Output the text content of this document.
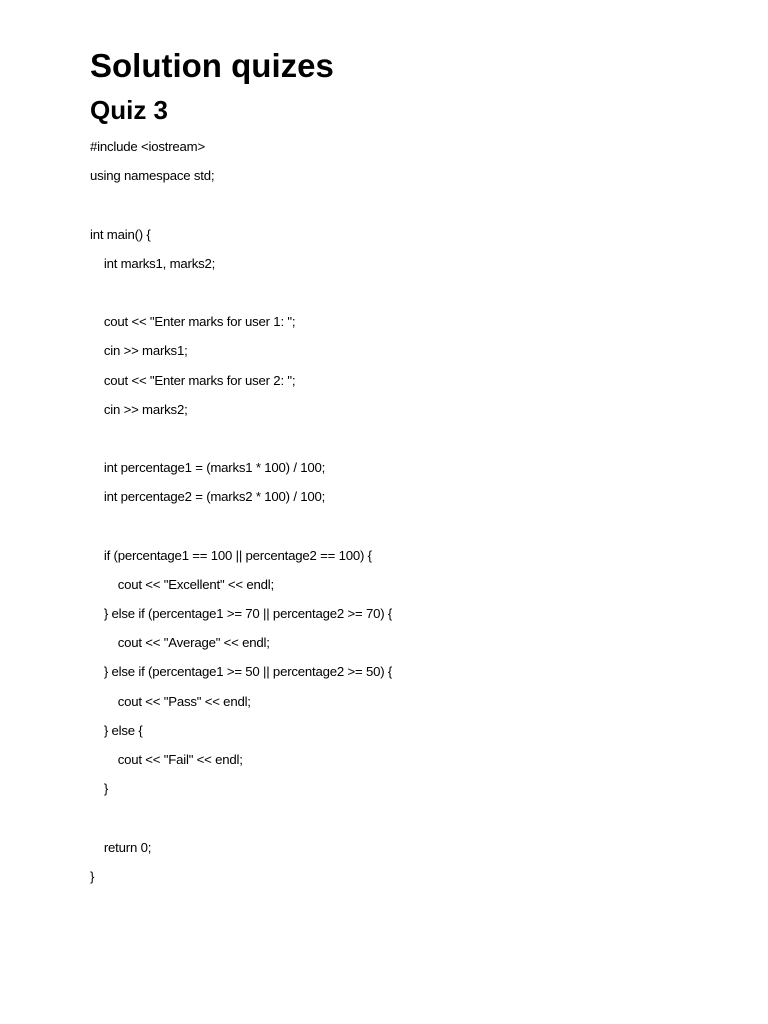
Solution quizes
Quiz 3
#include <iostream>
using namespace std;
int main() {
int marks1, marks2;
cout << "Enter marks for user 1: ";
cin >> marks1;
cout << "Enter marks for user 2: ";
cin >> marks2;
int percentage1 = (marks1 * 100) / 100;
int percentage2 = (marks2 * 100) / 100;
if (percentage1 == 100 || percentage2 == 100) {
cout << "Excellent" << endl;
} else if (percentage1 >= 70 || percentage2 >= 70) {
cout << "Average" << endl;
} else if (percentage1 >= 50 || percentage2 >= 50) {
cout << "Pass" << endl;
} else {
cout << "Fail" << endl;
}
return 0;
}
